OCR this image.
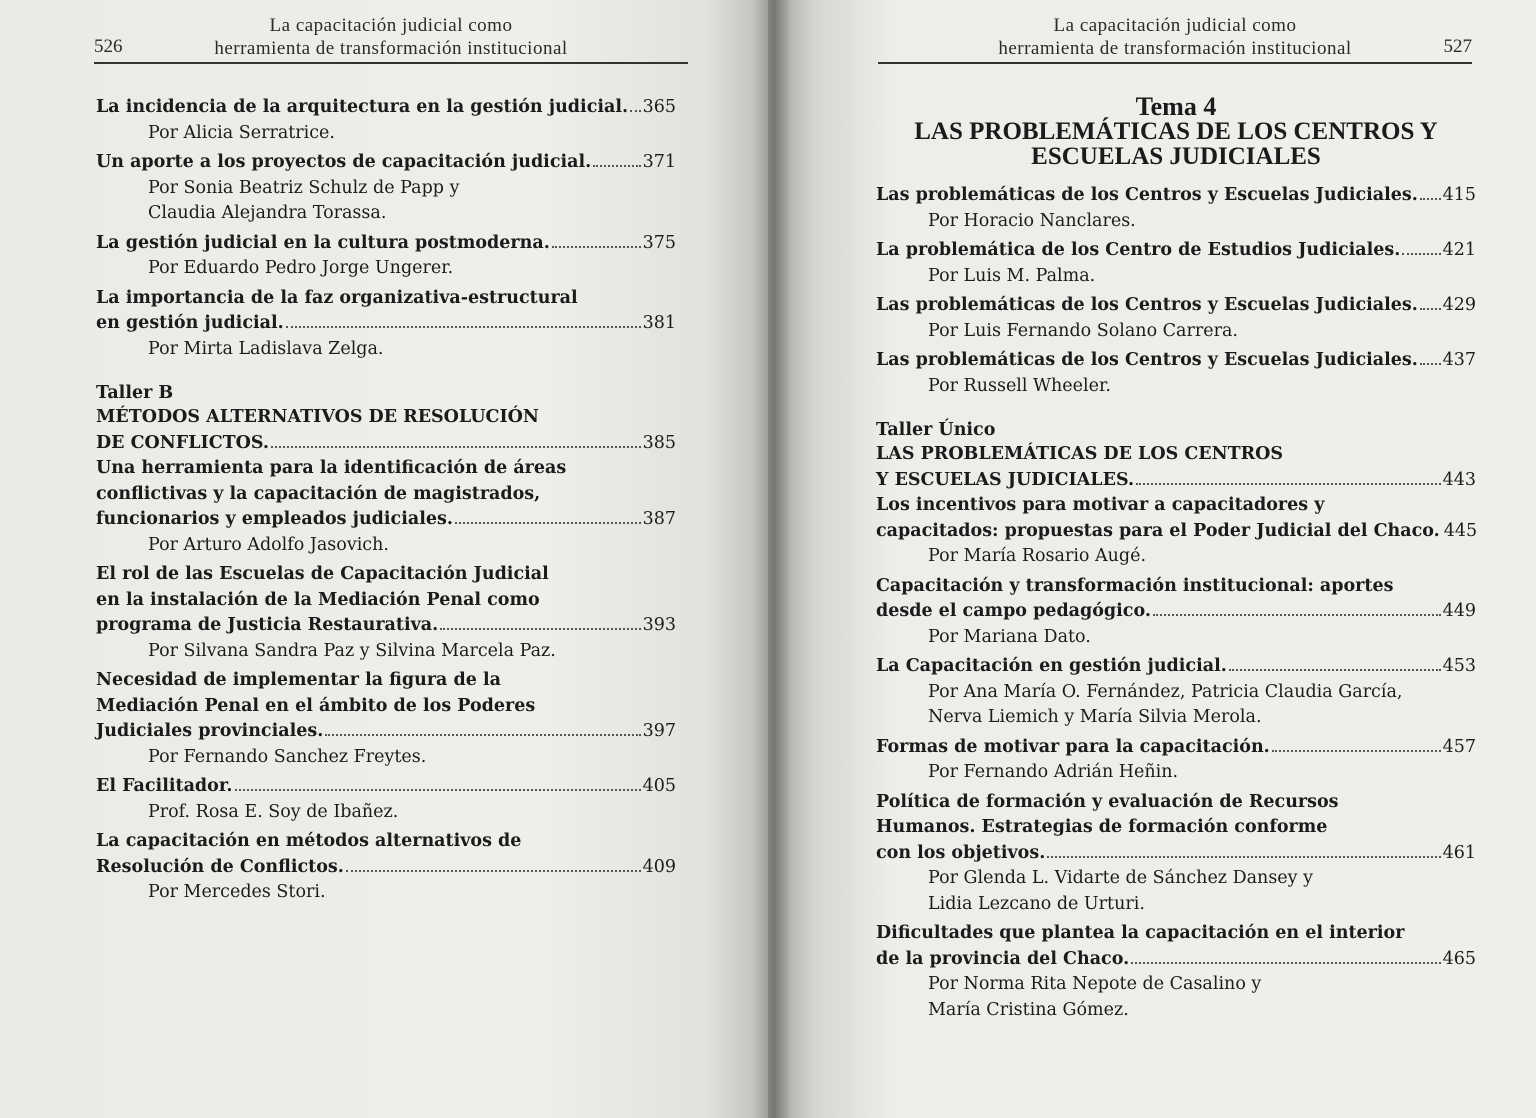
La capacitación judicial como
herramienta de transformación institucional
526
La incidencia de la arquitectura en la gestión judicial. 365
Por Alicia Serratrice.
Un aporte a los proyectos de capacitación judicial.	371
Por Sonia Beatriz Schulz de Papp y
Claudia Alejandra Torassa.
La gestión judicial en la cultura postmoderna.	375
Por Eduardo Pedro Jorge Ungerer.
La importancia de la faz organizativa-estructural
en gestión judicial.	381
Por Mirta Ladislava Zelga.
Taller B
MÉTODOS ALTERNATIVOS DE RESOLUCIÓN
DE CONFLICTOS.	385
Una herramienta para la identificación de áreas
conflictivas y la capacitación de magistrados,
funcionarios y empleados judiciales.	387
Por Arturo Adolfo Jasovich.
El rol de las Escuelas de Capacitación Judicial
en la instalación de la Mediación Penal como
programa de Justicia Restaurativa.	393
Por Silvana Sandra Paz y Silvina Marcela Paz.
Necesidad de implementar la figura de la
Mediación Penal en el ámbito de los Poderes
Judiciales provinciales.	397
Por Fernando Sanchez Freytes.
El Facilitador.	405
Prof. Rosa E. Soy de Ibañez.
La capacitación en métodos alternativos de
Resolución de Conflictos.	409
Por Mercedes Stori.
La capacitación judicial como
herramienta de transformación institucional	527
Tema 4
LAS PROBLEMÁTICAS DE LOS CENTROS Y
ESCUELAS JUDICIALES
Las problemáticas de los Centros y Escuelas Judiciales. 415
Por Horacio Nanclares.
La problemática de los Centro de Estudios Judiciales. 421
Por Luis M. Palma.
Las problemáticas de los Centros y Escuelas Judiciales. 429
Por Luis Fernando Solano Carrera.
Las problemáticas de los Centros y Escuelas Judiciales. 437
Por Russell Wheeler.
Taller Único
LAS PROBLEMÁTICAS DE LOS CENTROS
Y ESCUELAS JUDICIALES.	443
Los incentivos para motivar a capacitadores y
capacitados: propuestas para el Poder Judicial del Chaco. 445
Por María Rosario Augé.
Capacitación y transformación institucional: aportes
desde el campo pedagógico.	449
Por Mariana Dato.
La Capacitación en gestión judicial.	453
Por Ana María O. Fernández, Patricia Claudia García,
Nerva Liemich y María Silvia Merola.
Formas de motivar para la capacitación.	457
Por Fernando Adrián Heñin.
Política de formación y evaluación de Recursos
Humanos. Estrategias de formación conforme
con los objetivos.	461
Por Glenda L. Vidarte de Sánchez Dansey y
Lidia Lezcano de Urturi.
Dificultades que plantea la capacitación en el interior
de la provincia del Chaco.	465
Por Norma Rita Nepote de Casalino y
María Cristina Gómez.
